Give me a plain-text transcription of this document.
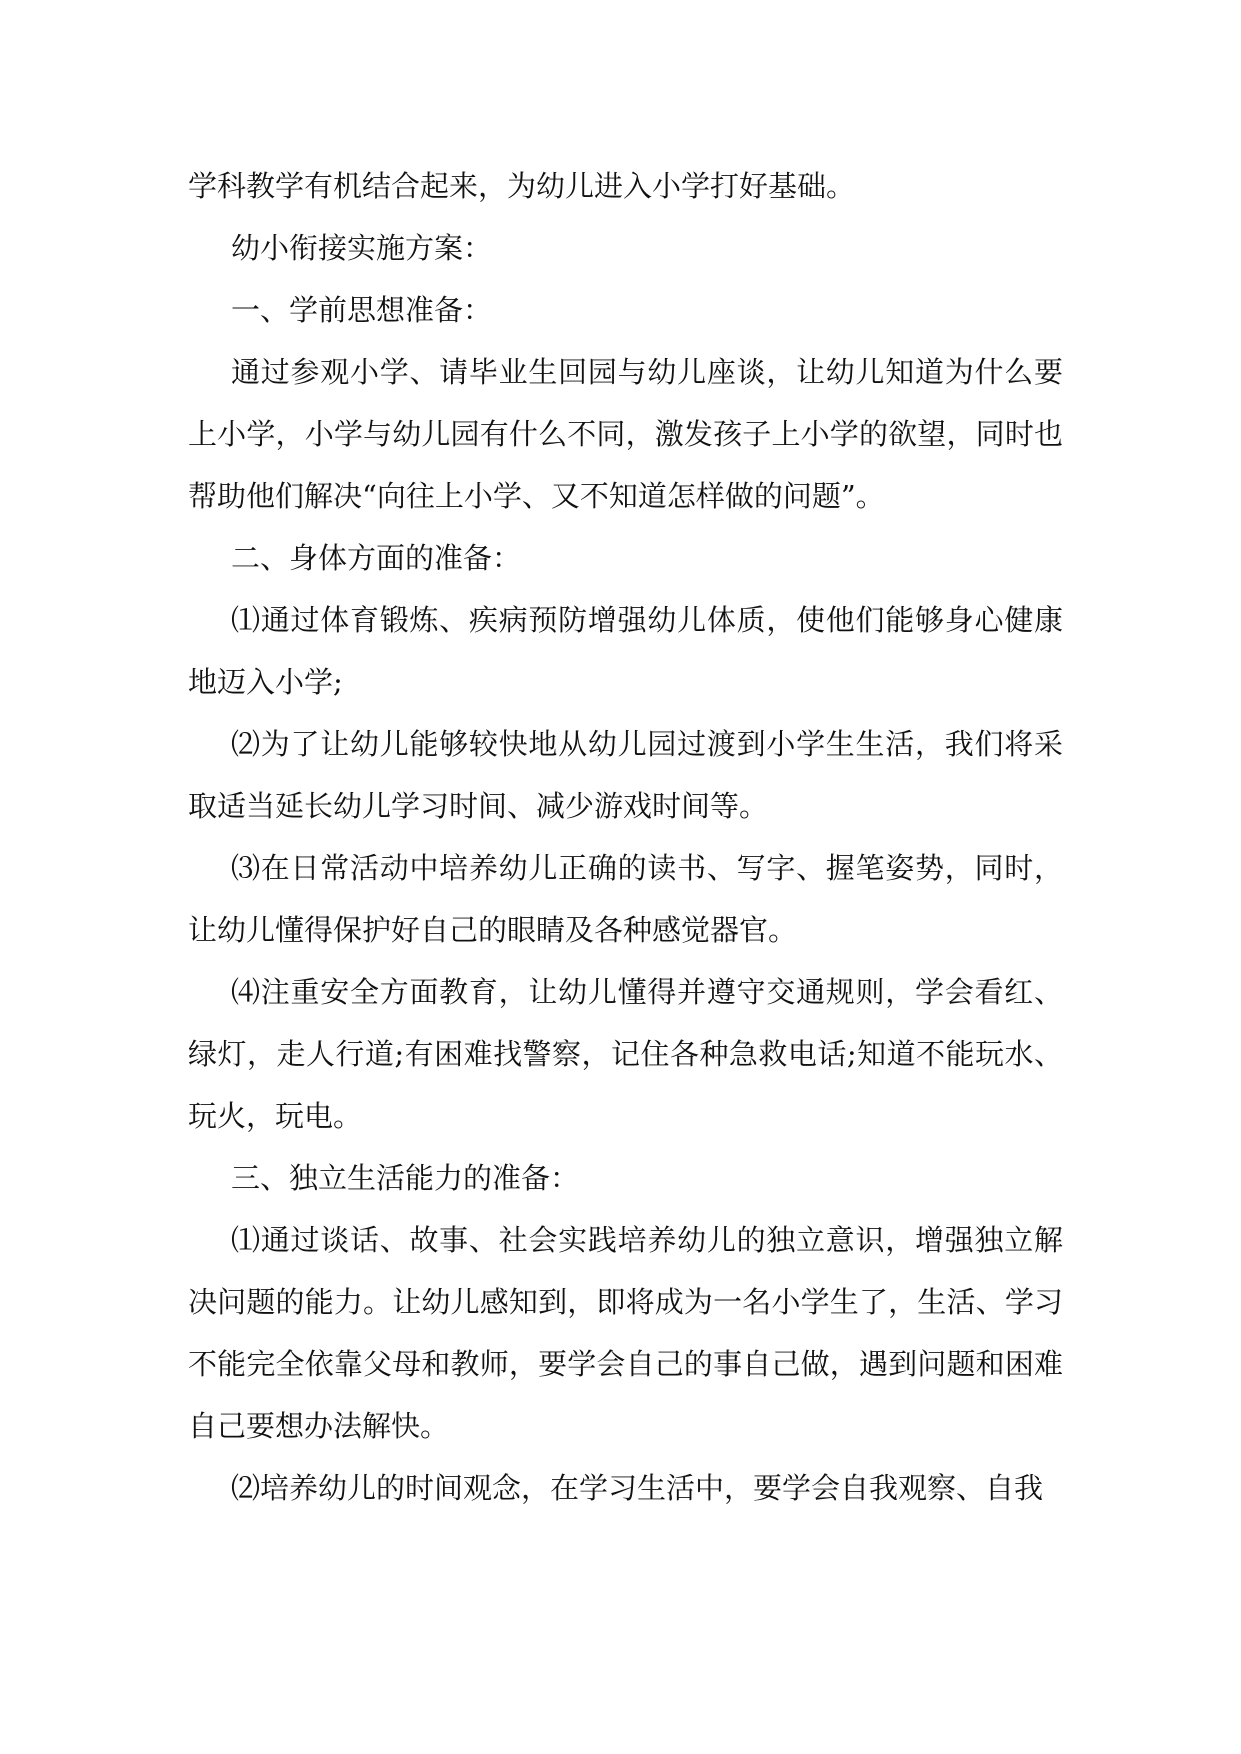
学科教学有机结合起来，为幼儿进入小学打好基础。

幼小衔接实施方案：

一、学前思想准备：

通过参观小学、请毕业生回园与幼儿座谈，让幼儿知道为什么要上小学，小学与幼儿园有什么不同，激发孩子上小学的欲望，同时也帮助他们解决“向往上小学、又不知道怎样做的问题”。

二、身体方面的准备：

⑴通过体育锻炼、疾病预防增强幼儿体质，使他们能够身心健康地迈入小学;

⑵为了让幼儿能够较快地从幼儿园过渡到小学生生活，我们将采取适当延长幼儿学习时间、减少游戏时间等。

⑶在日常活动中培养幼儿正确的读书、写字、握笔姿势，同时，让幼儿懂得保护好自己的眼睛及各种感觉器官。

⑷注重安全方面教育，让幼儿懂得并遵守交通规则，学会看红、绿灯，走人行道;有困难找警察，记住各种急救电话;知道不能玩水、玩火，玩电。

三、独立生活能力的准备：

⑴通过谈话、故事、社会实践培养幼儿的独立意识，增强独立解决问题的能力。让幼儿感知到，即将成为一名小学生了，生活、学习不能完全依靠父母和教师，要学会自己的事自己做，遇到问题和困难自己要想办法解快。

⑵培养幼儿的时间观念，在学习生活中，要学会自我观察、自我
